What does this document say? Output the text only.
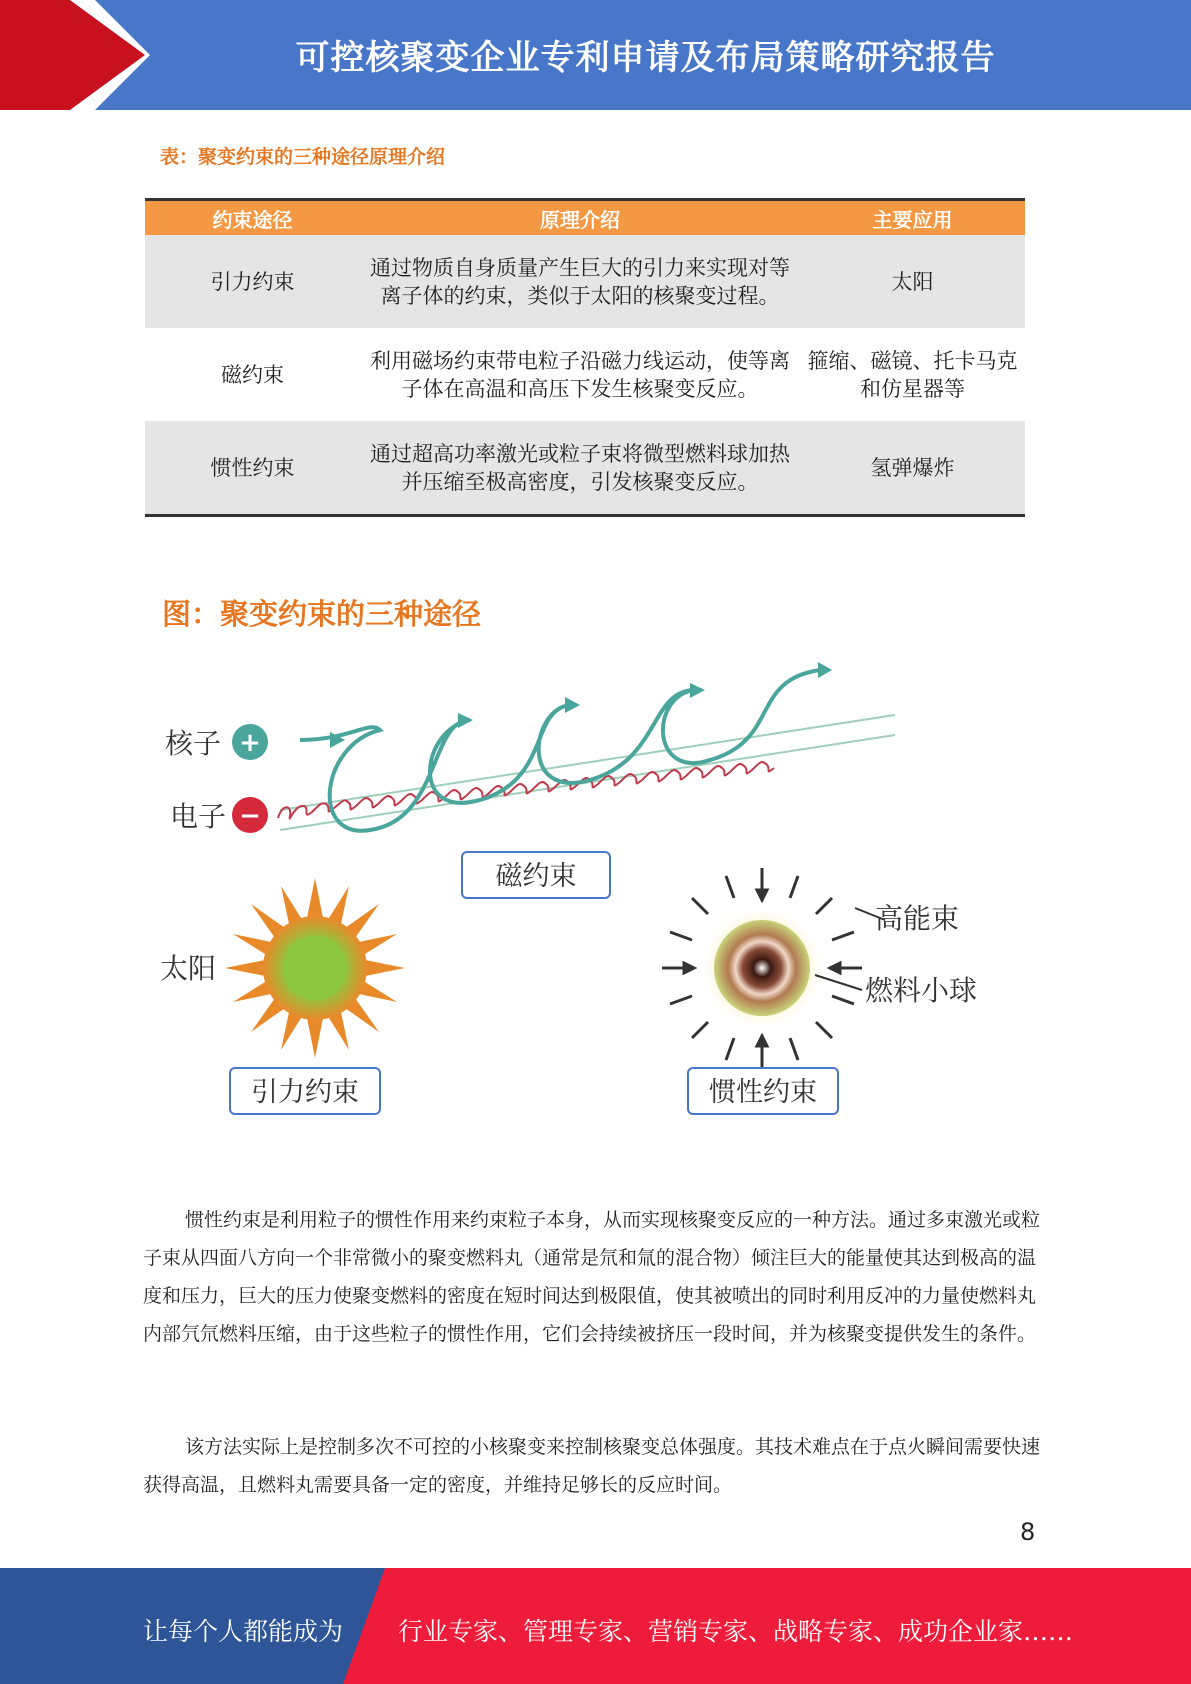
可控核聚变企业专利申请及布局策略研究报告
表：聚变约束的三种途径原理介绍
约束途径	原理介绍	主要应用
引力约束	通过物质自身质量产生巨大的引力来实现对等离子体的约束，类似于太阳的核聚变过程。	太阳
磁约束	利用磁场约束带电粒子沿磁力线运动，使等离子体在高温和高压下发生核聚变反应。	箍缩、磁镜、托卡马克和仿星器等
惯性约束	通过超高功率激光或粒子束将微型燃料球加热并压缩至极高密度，引发核聚变反应。	氢弹爆炸
图：聚变约束的三种途径
+
核子
−
电子
磁约束
太阳
引力约束
高能束
燃料小球
惯性约束

惯性约束是利用粒子的惯性作用来约束粒子本身，从而实现核聚变反应的一种方法。通过多束激光或粒子束从四面八方向一个非常微小的聚变燃料丸（通常是氘和氚的混合物）倾注巨大的能量使其达到极高的温度和压力，巨大的压力使聚变燃料的密度在短时间达到极限值，使其被喷出的同时利用反冲的力量使燃料丸内部氕氘燃料压缩，由于这些粒子的惯性作用，它们会持续被挤压一段时间，并为核聚变提供发生的条件。

该方法实际上是控制多次不可控的小核聚变来控制核聚变总体强度。其技术难点在于点火瞬间需要快速获得高温，且燃料丸需要具备一定的密度，并维持足够长的反应时间。

8
让每个人都能成为 行业专家、管理专家、营销专家、战略专家、成功企业家……
